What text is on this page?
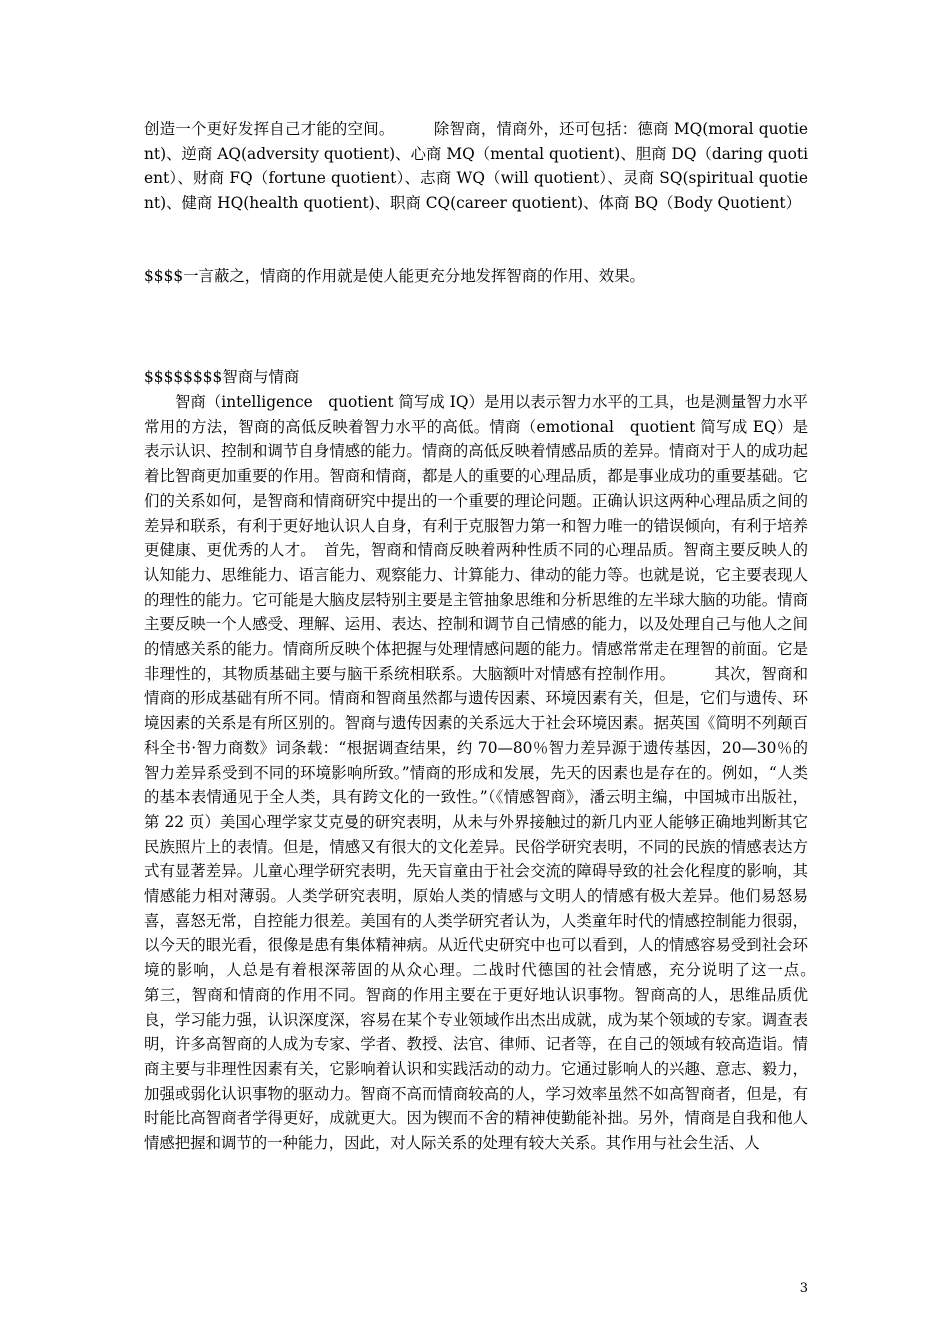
创造一个更好发挥自己才能的空间。　　　除智商，情商外，还可包括：德商 MQ(moral quotient)、逆商 AQ(adversity quotient)、心商 MQ（mental quotient)、胆商 DQ（daring quotient）、财商 FQ（fortune quotient）、志商 WQ（will quotient）、灵商 SQ(spiritual quotient)、健商 HQ(health quotient)、职商 CQ(career quotient)、体商 BQ（Body Quotient）

$$$$一言蔽之，情商的作用就是使人能更充分地发挥智商的作用、效果。

$$$$$$$$智商与情商

智商（intelligence　quotient 简写成 IQ）是用以表示智力水平的工具，也是测量智力水平常用的方法，智商的高低反映着智力水平的高低。情商（emotional　quotient 简写成 EQ）是表示认识、控制和调节自身情感的能力。情商的高低反映着情感品质的差异。情商对于人的成功起着比智商更加重要的作用。智商和情商，都是人的重要的心理品质，都是事业成功的重要基础。它们的关系如何，是智商和情商研究中提出的一个重要的理论问题。正确认识这两种心理品质之间的差异和联系，有利于更好地认识人自身，有利于克服智力第一和智力唯一的错误倾向，有利于培养更健康、更优秀的人才。　首先，智商和情商反映着两种性质不同的心理品质。智商主要反映人的认知能力、思维能力、语言能力、观察能力、计算能力、律动的能力等。也就是说，它主要表现人的理性的能力。它可能是大脑皮层特别主要是主管抽象思维和分析思维的左半球大脑的功能。情商主要反映一个人感受、理解、运用、表达、控制和调节自己情感的能力，以及处理自己与他人之间的情感关系的能力。情商所反映个体把握与处理情感问题的能力。情感常常走在理智的前面。它是非理性的，其物质基础主要与脑干系统相联系。大脑额叶对情感有控制作用。　　　其次，智商和情商的形成基础有所不同。情商和智商虽然都与遗传因素、环境因素有关，但是，它们与遗传、环境因素的关系是有所区别的。智商与遗传因素的关系远大于社会环境因素。据英国《简明不列颠百科全书·智力商数》词条载：“根据调查结果，约 70—80％智力差异源于遗传基因，20—30％的智力差异系受到不同的环境影响所致。”情商的形成和发展，先天的因素也是存在的。例如，“人类的基本表情通见于全人类，具有跨文化的一致性。”（《情感智商》，潘云明主编，中国城市出版社，第 22 页）美国心理学家艾克曼的研究表明，从未与外界接触过的新几内亚人能够正确地判断其它民族照片上的表情。但是，情感又有很大的文化差异。民俗学研究表明，不同的民族的情感表达方式有显著差异。儿童心理学研究表明，先天盲童由于社会交流的障碍导致的社会化程度的影响，其情感能力相对薄弱。人类学研究表明，原始人类的情感与文明人的情感有极大差异。他们易怒易喜，喜怒无常，自控能力很差。美国有的人类学研究者认为，人类童年时代的情感控制能力很弱，以今天的眼光看，很像是患有集体精神病。从近代史研究中也可以看到，人的情感容易受到社会环境的影响，人总是有着根深蒂固的从众心理。二战时代德国的社会情感，充分说明了这一点。　　　第三，智商和情商的作用不同。智商的作用主要在于更好地认识事物。智商高的人，思维品质优良，学习能力强，认识深度深，容易在某个专业领域作出杰出成就，成为某个领域的专家。调查表明，许多高智商的人成为专家、学者、教授、法官、律师、记者等，在自己的领域有较高造诣。情商主要与非理性因素有关，它影响着认识和实践活动的动力。它通过影响人的兴趣、意志、毅力，加强或弱化认识事物的驱动力。智商不高而情商较高的人，学习效率虽然不如高智商者，但是，有时能比高智商者学得更好，成就更大。因为锲而不舍的精神使勤能补拙。另外，情商是自我和他人情感把握和调节的一种能力，因此，对人际关系的处理有较大关系。其作用与社会生活、人

3
